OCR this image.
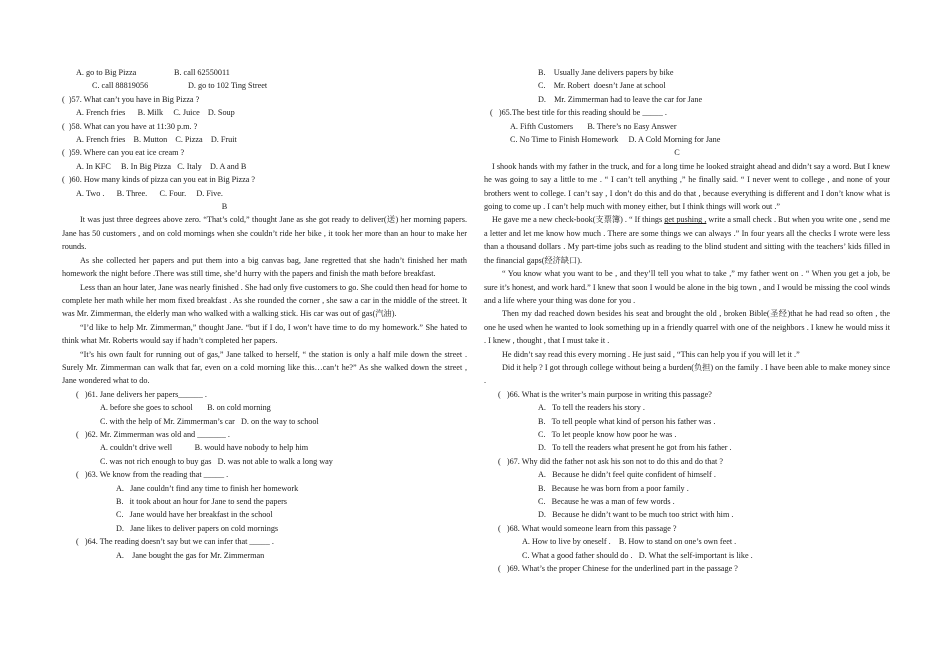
A. go to Big Pizza	B. call 62550011
C. call 88819056	D. go to 102 Ting Street
(  )57. What can’t you have in Big Pizza ?
A. French fries      B. Milk     C. Juice    D. Soup
(  )58. What can you have at 11:30 p.m. ?
A. French fries    B. Mutton    C. Pizza    D. Fruit
(  )59. Where can you eat ice cream ?
A. In KFC     B. In Big Pizza   C. Italy    D. A and B
(  )60. How many kinds of pizza can you eat in Big Pizza ?
A. Two .      B. Three.      C. Four.     D. Five.
B
It was just three degrees above zero. “That’s cold,” thought Jane as she got ready to deliver(送) her morning papers. Jane has 50 customers , and on cold mornings when she couldn’t ride her bike , it took her more than an hour to make her rounds.
As she collected her papers and put them into a big canvas bag, Jane regretted that she hadn’t finished her math homework the night before .There was still time, she’d hurry with the papers and finish the math before breakfast.
Less than an hour later, Jane was nearly finished . She had only five customers to go. She could then head for home to complete her math while her mom fixed breakfast . As she rounded the corner , she saw a car in the middle of the street. It was Mr. Zimmerman, the elderly man who walked with a walking stick. His car was out of gas(汽油).
“I’d like to help Mr. Zimmerman,” thought Jane. “but if I do, I won’t have time to do my homework.” She hated to think what Mr. Roberts would say if hadn’t completed her papers.
“It’s his own fault for running out of gas,” Jane talked to herself, “ the station is only a half mile down the street . Surely Mr. Zimmerman can walk that far, even on a cold morning like this…can’t he?” As she walked down the street , Jane wondered what to do.
(   )61. Jane delivers her papers______ .
A. before she goes to school       B. on cold morning
C. with the help of Mr. Zimmerman’s car   D. on the way to school
(   )62. Mr. Zimmerman was old and _______ .
A. couldn’t drive well           B. would have nobody to help him
C. was not rich enough to buy gas   D. was not able to walk a long way
(   )63. We know from the reading that _____ .
A.   Jane couldn’t find any time to finish her homework
B.   it took about an hour for Jane to send the papers
C.   Jane would have her breakfast in the school
D.   Jane likes to deliver papers on cold mornings
(   )64. The reading doesn’t say but we can infer that _____ .
A.    Jane bought the gas for Mr. Zimmerman
B.    Usually Jane delivers papers by bike
C.    Mr. Robert  doesn’t Jane at school
D.    Mr. Zimmerman had to leave the car for Jane
(   )65.The best title for this reading should be _____ .
A. Fifth Customers       B. There’s no Easy Answer
C. No Time to Finish Homework     D. A Cold Morning for Jane
C
I shook hands with my father in the truck, and for a long time he looked straight ahead and didn’t say a word. But I knew he was going to say a little to me . “ I can’t tell anything ,” he finally said. “ I never went to college , and none of your brothers went to college. I can’t say , I don’t do this and do that , because everything is different and I don’t know what is going to come up . I can’t help much with money either, but I think things will work out .”
He gave me a new check-book(支票簿) . “ If things get pushing , write a small check . But when you write one , send me a letter and let me know how much . There are some things we can always .” In four years all the checks I wrote were less than a thousand dollars . My part-time jobs such as reading to the blind student and sitting with the teachers’ kids filled in the financial gaps(经济缺口).
“ You know what you want to be , and they’ll tell you what to take ,” my father went on . “ When you get a job, be sure it’s honest, and work hard.” I knew that soon I would be alone in the big town , and I would be missing the cool winds and a life where your thing was done for you .
Then my dad reached down besides his seat and brought the old , broken Bible(圣经)that he had read so often , the one he used when he wanted to look something up in a friendly quarrel with one of the neighbors . I knew he would miss it . I knew , thought , that I must take it .
He didn’t say read this every morning . He just said , “This can help you if you will let it .”
Did it help ? I got through college without being a burden(负担) on the family . I have been able to make money since .
(   )66. What is the writer’s main purpose in writing this passage?
A.   To tell the readers his story .
B.   To tell people what kind of person his father was .
C.   To let people know how poor he was .
D.   To tell the readers what present he got from his father .
(   )67. Why did the father not ask his son not to do this and do that ?
A.   Because he didn’t feel quite confident of himself .
B.   Because he was born from a poor family .
C.   Because he was a man of few words .
D.   Because he didn’t want to be much too strict with him .
(   )68. What would someone learn from this passage ?
A. How to live by oneself .    B. How to stand on one’s own feet .
C. What a good father should do .   D. What the self-important is like .
(   )69. What’s the proper Chinese for the underlined part in the passage ?
